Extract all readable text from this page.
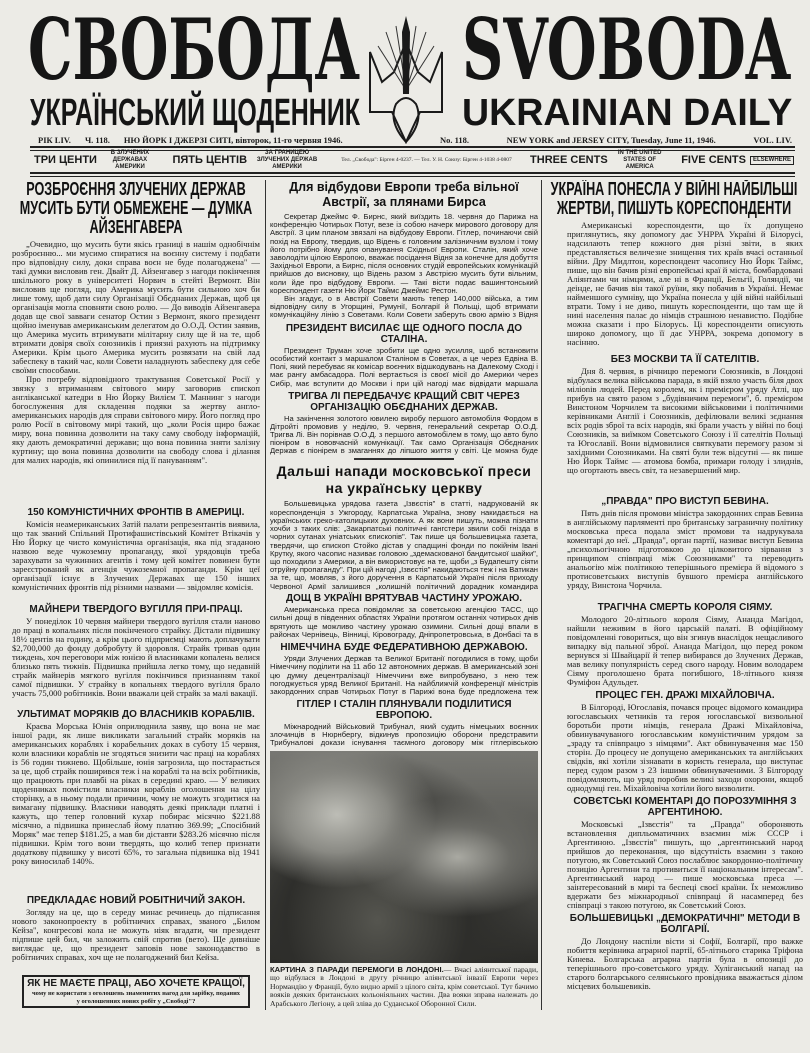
СВОБОДА SVOBODA
УКРАЇНСЬКИЙ ЩОДЕННИК	UKRAINIAN DAILY
РІК LIV. Ч. 118. НЮ ЙОРК І ДЖЕРЗІ СИТІ, вівторок, 11-го червня 1946.	No. 118.	NEW YORK and JERSEY CITY, Tuesday, June 11, 1946.	VOL. LIV.
ТРИ ЦЕНТИ
В ЗЛУЧЕНИХ ДЕРЖАВАХ АМЕРИКИ
ПЯТЬ ЦЕНТІВ
ЗА ГРАНИЦЕЮ ЗЛУЧЕНИХ ДЕРЖАВ АМЕРИКИ
Тел. „Свобода": Бірген 4-0237. — Тел. У. Н. Союзу: Бірген 4-1038 4-0807	THREE CENTS
IN THE UNITED STATES OF AMERICA
FIVE CENTS	ELSEWHERE
РОЗБРОЄННЯ ЗЛУЧЕНИХ ДЕРЖАВ МУСИТЬ БУТИ ОБМЕЖЕНЕ — ДУМКА АЙЗЕНГАВЕРА

„Очевидно, що мусить бути якісь границі в нашім однобічнім розброєнню... ми мусимо спиратися на воєнну систему і подбати про відповідну силу, доки справа воєн не буде полагоджена" — такі думки висловив ген. Двайт Д. Айзенгавер з нагоди покінчення шкільного року в університеті Норвич в стейті Вермонт. Він висловив ще погляд, що Америка мусить бути сильною хоч би лише тому, щоб дати силу Організації Обєднаних Держав, щоб ця організація могла сповняти свою ролю. — До виводів Айзенгавера додав ще свої завваги сенатор Остин з Вермонт, якого президент щойно іменував американським делегатом до О.О.Д. Остин заявив, що Америка мусить втримувати мілітарну силу ще й на те, щоб втримати довіря своїх союзників і приязні рахують на підтримку Америки. Крім цього Америка мусить розвязати на свій лад забеспеку в такий час, коли Совети наладнують забеспеку для себе своїми способами.

Про потребу відповідного трактування Советської Росії у звязку з втриманням світового миру заговорив єпископ англіканської катедри в Ню Йорку Вилієм Т. Маннинг з нагоди богослуження для складення подяки за жертву англо-американських народів для справи світового миру. Його погляд про ролю Росії в світовому мирі такий, що „коли Росія щиро бажає миру, вона повинна дозволити на таку саму свободу інформацій, яку дають демократичні держави; що вона повинна зняти залізну куртину; що вона повинна дозволити на свободу слова і ділання для малих народів, які опинилися під її пануванням".

150 КОМУНІСТИЧНИХ ФРОНТІВ В АМЕРИЦІ.

Комісія неамериканських Затій палати репрезентантів виявила, що так званий Спільний Протифашистівський Комітет Втікачів у Ню Йорку це чисто комуністична організація, яка під згаданою назвою веде чужоземну пропаганду, якої урядовців треба зарахувати за чужинних агентів і тому цей комітет повинен бути зареєстрований як агенція чужоземної пропаганди. Крім цеї організації існує в Злучених Державах ще 150 інших комуністичних фронтів під різними назвами — звідомляє комісія.

МАЙНЕРИ ТВЕРДОГО ВУГІЛЛЯ ПРИ-ПРАЦІ.

У понеділок 10 червня майнери твердого вугілля стали наново до праці в копальнях після покінченого страйку. Дістали підвишку 18½ центів на годину, а крім цього підприємці мають доплачувати $2,700,000 до фонду добробуту й здоровля. Страйк тривав один тиждень, хоч переговори між юнією й власниками копалень велися близько пять тижнів. Підвишка прийшла легко тому, що недавній страйк майнерів мягкого вугілля покінчився признанням такої самої підвишки. У страйку в копальнях твердого вугілля брало участь 75,000 робітників. Вони вважали цей страйк за малі вакації.

УЛЬТИМАТ МОРЯКІВ ДО ВЛАСНИКІВ КОРАБЛІВ.

Краєва Морська Юнія оприлюднила заяву, що вона не має іншої ради, як лише викликати загальний страйк моряків на американських кораблях і корабельних доках в суботу 15 червня, коли власники кораблів не згодяться знизити час праці на кораблях із 56 годин тижнево. Щобільше, юнія загрозила, що постарається за це, щоб страйк поширився теж і на кораблі та на всіх робітників, що працюють при плавбі на ріках в середині краю. — У великих щоденниках помістили власники кораблів оголошення на цілу сторінку, а в ньому подали причини, чому не можуть згодитися на вимагану підвишку. Власники наводять деякі приклади платні і кажуть, що тепер головний кухар побирає місячно $221.88 місячно, а підвишка принеслаб йому платню 369.99; „Спосібний Моряк" має тепер $181.25, а мав би діставти $283.26 місячно після підвишки. Крім того вони твердять, що колиб тепер признати додаткову підвишку у висоті 65%, то загальна підвишка від 1941 року виносилаб 140%.

ПРЕДКЛАДАЄ НОВИЙ РОБІТНИЧИЙ ЗАКОН.

Зогляду на це, що в середу минає речинець до підписання нового законопроекту в робітничих справах, званого „Билом Кейза", конгресові кола не можуть ніяк вгадати, чи президент підпише цей бил, чи заложить свій спротив (вето). Ще дивніше виглядає це, що президент заповів нове законодавство в робітничих справах, хоч ще не полагоджений бил Кейза.

ЯК НЕ МАЄТЕ ПРАЦІ, АБО ХОЧЕТЕ КРАЩОЇ,
чому не користати з оголошень знаменитих нагод для зарібку, поданих у оголошеннях нових робіт у „Свободі"?
Для відбудови Европи треба вільної Австрії, за плянами Бирса

Секретар Джеймс Ф. Бирнс, який виїздить 18. червня до Парижа на конференцію Чотирьох Потуг, везе із собою начерк мирового договору для Австрії. З цим планом звязалі на відбудову Европи. Гітлер, починаючи свій похід на Европу, твердив, що Відень є головним залізничним вузлом і тому його потрібно йому для опанування Східньої Европи. Сталін, який хоче заволодіти цілою Европою, вважає посідання Відня за конечне для добуття Західньої Европи, а Бирнс, після основних студій европейських комунікацій прийшов до висновку, що Відень разом з Австрією мусить бути вільним, коли йде про відбудову Европи. — Такі вісти подає вашингтонський кореспондент газети Ню Йорк Таймс Джеймс Рестон.

Він згадує, о в Австрії Совети мають тепер 140,000 війська, а тим відповідну силу в Угорщині, Румунії, Болгарії й Польщі, щоб втримати комунікаційну лінію з Советами. Коли Совети заберуть свою армію з Відня

ПРЕЗИДЕНТ ВИСИЛАЄ ЩЕ ОДНОГО ПОСЛА ДО СТАЛІНА.

Президент Труман хоче зробити ще одно зусилля, щоб встановити особистий контакт з маршалом Сталіном в Советах, а це через Едвіна В. Полі, який перебуває як комісар воєнних відшкодувань на Далекому Сході і має рангу амбасадора. Полі вертається із своєї місії до Америки через Сибір, має вступити до Москви і при цій нагоді має відвідати маршала

ТРИГВА ЛІ ПЕРЕДБАЧУЄ КРАЩИЙ СВІТ ЧЕРЕЗ ОРГАНІЗАЦІЮ ОБЄДНАНИХ ДЕРЖАВ.

На закінчення золотого ювилею виробу першого автомобіля Фордом в Дітройті промовив у неділю, 9. червня, генеральний секретар О.О.Д. Тригва Лі. Він порівнав О.О.Д. з першого автомобілем в тому, що авто було піоніром в нововчасній комунікації. Так само Організація Обєднаних Держав є піонірем в змаганнях до ліпшого життя у світі. Це можна буде

Дальші напади московської преси на українську церкву

Большевицька урядова газета „Ізвєстія" в статті, надрукованій як кореспонденція з Ужгороду, Карпатська Україна, знову накидається на українських греко-католицьких духовних. А як вони пишуть, можна пізнати хочби з таких слів: „Закарпатські політичні гангстери звили собі гнізда в чорних сутанах уніатських єпископів". Так пише ця большевицька газета, твердячи, що єпископ Стойко дістав у спадщині фонди по покійнім Івані Крутку, якого часопис називає головою „здемаскованої бандитської шайки", що походили з Америки, а він використовує на те, щоби „з Будапешту сіяти отруйну пропаганду". При цій нагоді „Ізвєстія" накидаються теж і на Ватикан за те, що, мовляв, з його доручення в Карпатській Україні після приходу Червоної Армії залишився „колишній політичний дорадник командира

ДОЩ В УКРАЇНІ ВРЯТУВАВ ЧАСТИНУ УРОЖАЮ.

Американська преса повідомляє за советською агенцією ТАСС, що сильні дощі в південних областях України протягом останніх чотирьох днів врятують ще можливо частину урожаю озимини. Сильні дощі впали в районах Чернівець, Вінниці, Кіровограду, Дніпропетровська, в Донбасі та в

НІМЕЧЧИНА БУДЕ ФЕДЕРАТИВНОЮ ДЕРЖАВОЮ.

Уряди Злучених Держав та Великої Британії погодилися в тому, щоби Німеччину поділити на 11 або 12 автономних держав. В американській зоні цю думку децентралізації Німеччини вже випробувано, з нею теж погоджується уряд Великої Британії. На найближчій конференції міністрів закордонних справ Чотирьох Потуг в Парижі вона буде предложена теж

ГІТЛЕР І СТАЛІН ПЛЯНУВАЛИ ПОДІЛИТИСЯ ЕВРОПОЮ.

Міжнародний Військовий Трибунал, який судить німецьких воєнних злочинців в Нюрнбергу, відкинув пропозицію оборони предстравити Трибуналові докази існування таємного договору між гітлерівською

КАРТИНА З ПАРАДИ ПЕРЕМОГИ В ЛОНДОНІ.— Вчасі аліянтської паради, що відбулася в Лондоні в другу річницю аліянтської інвазії Европи через Нормандію у Франції, було видно армії з цілого світа, крім советської. Тут бачимо вояків деяких британських кольоніяльних частин. Два вояки зправа належать до Арабського Легіону, а цей зліва до Суданської Оборонної Сили.
УКРАЇНА ПОНЕСЛА У ВІЙНІ НАЙБІЛЬШІ ЖЕРТВИ, ПИШУТЬ КОРЕСПОНДЕНТИ

Американські кореспонденти, що їх допущено приглянутись, яку допомогу дає УНРРА Україні й Білорусі, надсилають тепер кожного дня різні звіти, в яких представляється величезне знищення тих країв вчасі останньої війни. Дру Мидлтон, кореспондент часопису Ню Йорк Таймс, пише, що він бачив різні европейські краї й міста, бомбардовані Аліянтами чи німцями, але ні в Франції, Бельгії, Голяндії, чи деінде, не бачив він такої руїни, яку побачив в Україні. Немає найменшого сумніву, що Україна понесла у цій війні найбільші втрати. Тому і не диво, пишуть кореспонденти, що там ще й нині населення палає до німців страшною ненавистю. Подібне можна сказати і про Білорусь. Ці кореспонденти описують широко допомогу, що її дає УНРРА, зокрема допомогу в насінню.

БЕЗ МОСКВИ ТА ЇЇ САТЕЛІТІВ.

Дня 8. червня, в річницю перемоги Союзників, в Лондоні відбулася велика військова парада, в якій взяло участь біля двох мілionів людей. Перед королем, як і премієром уряду Атлі, що прибув на свято разом з „будівничим перемоги", б. премієром Винстоном Чорчилем та високими військовими і політичними керівниками Англії і Союзників, дефілювали великі зєднання всіх родів зброї та всіх народів, які брали участь у війні по боці Союзників, за виїмком Советського Союзу і її сателітів Польщі та Югославії. Вони відмовилися святкувати перемогу разом зі західними Союзниками. На святі були теж відсутні — як пише Ню Йорк Таймс — атомова бомба, примари голоду і злиднів, що огортають ввесь світ, та незавершений мир.

„ПРАВДА" ПРО ВИСТУП БЕВИНА.

Пять днів після промови міністра закордонних справ Бевина в англійському парляменті про британську заграничну політику московська преса подала зміст промови та надрукувала коментарі до неї. „Правда", орган партії, називає виступ Бевина „психольогічною підготовкою до цілковитого зірвання з принципом співпраці між Союзниками" та переводить анальогію між політикою теперішнього премієра й відомого з протисоветських виступів бувшого премієра англійського уряду, Винстона Чорчила.

ТРАГІЧНА СМЕРТЬ КОРОЛЯ СІЯМУ.

Молодого 20-літнього короля Сіяму, Ананда Магідол, найшли неживим в його царській палаті. В офіційному повідомленні говориться, що він згинув внаслідок нещасливого випадку від пальної зброї. Ананда Магідол, що перед роком вернувся зі Швайцарії й тепер вибирався до Злучених Держав, мав велику популярність серед свого народу. Новим володарем Сіяму проголошено брата погибшого, 18-літнього князя Фуміфон Адульдет.

ПРОЦЕС ГЕН. ДРАЖІ МІХАЙЛОВІЧА.

В Білгороді, Югославія, почався процес відомого командира югославських четників та героя югославської визвольної боротьби проти німців, генерала Дражі Міхайловіча, обвинувачуваного югославським комуністичним урядом за „зраду та співпрацю з німцями". Акт обвинувачення має 150 сторін. До процесу не допущено американських та англійських свідків, які хотіли зізнавати в користь генерала, що виступає перед судом разом з 23 іншими обвинуваченими. З Білгороду повідомляють, що уряд поробив великі заходи охорони, якщоб однодумці ген. Міхайловіча хотіли його визволити.

СОВЄТСЬКІ КОМЕНТАРІ ДО ПОРОЗУМІННЯ З АРГЕНТИНОЮ.

Московські „Ізвєстія" та „Правда" обороняють встановлення дипльоматичних взаємин між СССР і Аргентиною. „Ізвєстія" пишуть, що „аргентинський народ прийшов до переконання, що відсутність взаємин з такою потугою, як Советський Союз послаблює закордонно-політичну позицію Аргентини та противиться її національним інтересам". Аргентинський народ — пише московська преса — заінтересований в мирі та беспеці своєї країни. Їх неможливо вдержати без міжнародньої співпраці й насамперед без співпраці з такою потугою, як Советський Союз.

БОЛЬШЕВИЦЬКІ „ДЕМОКРАТИЧНІ" МЕТОДИ В БОЛГАРІЇ.

До Лондону наспіли вісти зі Софії, Болгарії, про важке побиття керівника аграрної партії, 65-літнього старика Тріфона Кинева. Болгарська аграрна партія була в опозиції до теперішнього про-советського уряду. Хуліганський напад на старого болгарського селянського провідника вважається ділом місцевих большевиків.
